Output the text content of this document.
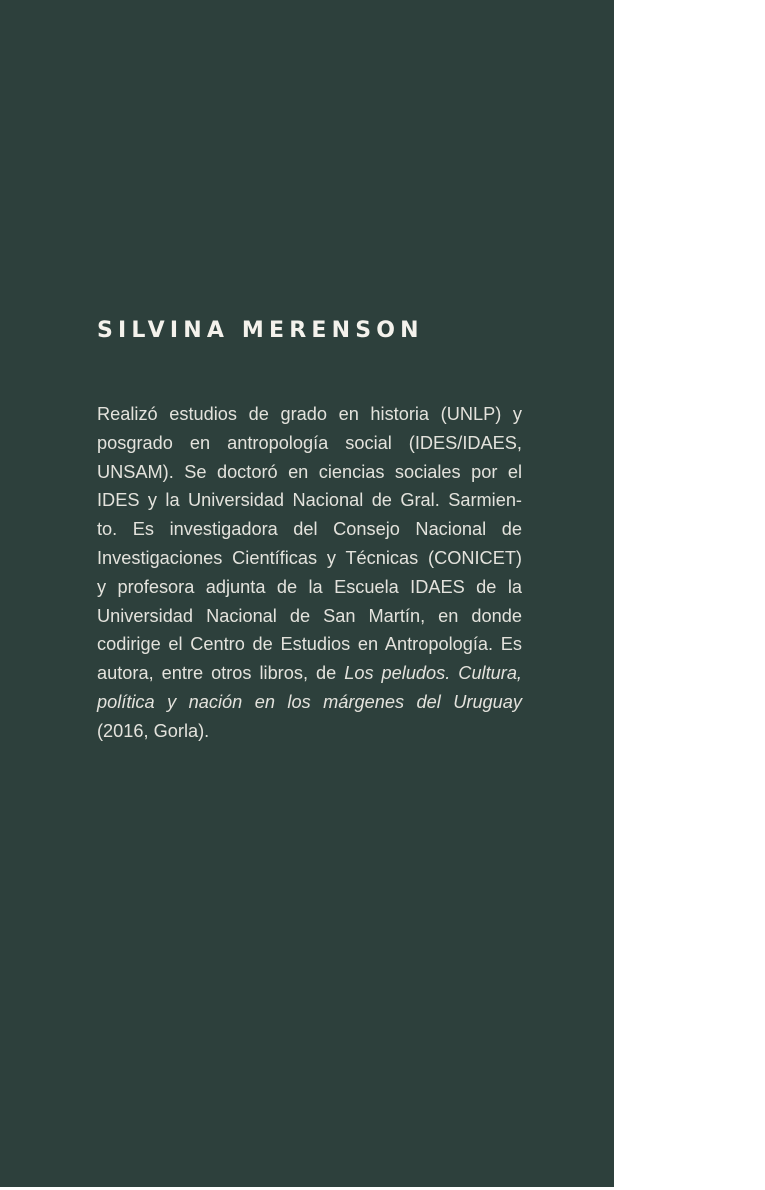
SILVINA MERENSON
Realizó estudios de grado en historia (UNLP) y
posgrado en antropología social (IDES/IDAES,
UNSAM). Se doctoró en ciencias sociales por el
IDES y la Universidad Nacional de Gral. Sarmien-
to. Es investigadora del Consejo Nacional de
Investigaciones Científicas y Técnicas (CONICET)
y profesora adjunta de la Escuela IDAES de la
Universidad Nacional de San Martín, en donde
codirige el Centro de Estudios en Antropología. Es
autora, entre otros libros, de Los peludos. Cultura,
política y nación en los márgenes del Uruguay
(2016, Gorla).
